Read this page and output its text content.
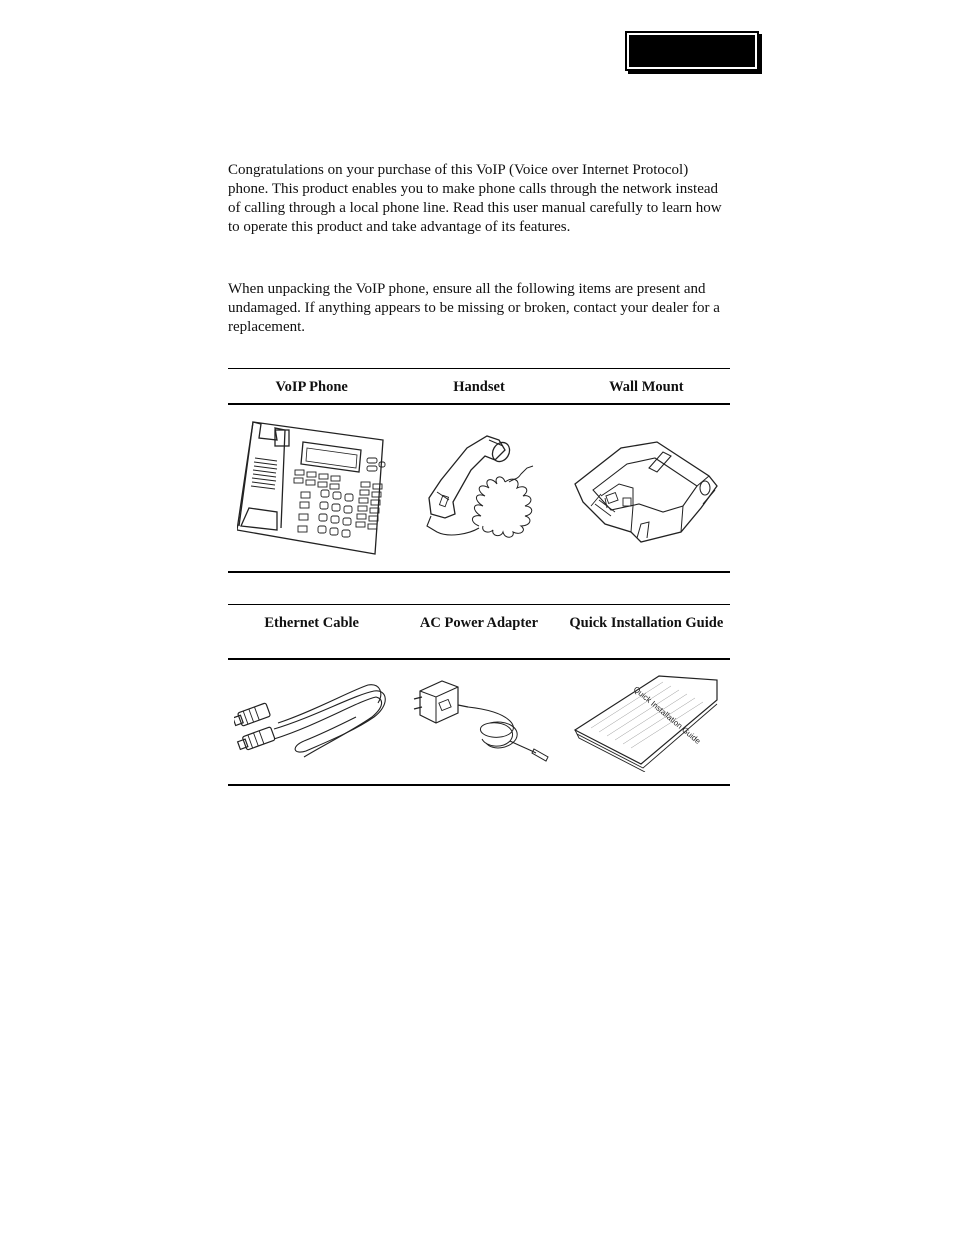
Congratulations on your purchase of this VoIP (Voice over Internet Protocol) phone. This product enables you to make phone calls through the network instead of calling through a local phone line. Read this user manual carefully to learn how to operate this product and take advantage of its features.

When unpacking the VoIP phone, ensure all the following items are present and undamaged. If anything appears to be missing or broken, contact your dealer for a replacement.

VoIP Phone	Handset	Wall Mount

Ethernet Cable	AC Power Adapter	Quick Installation Guide

Quick Installation Guide
